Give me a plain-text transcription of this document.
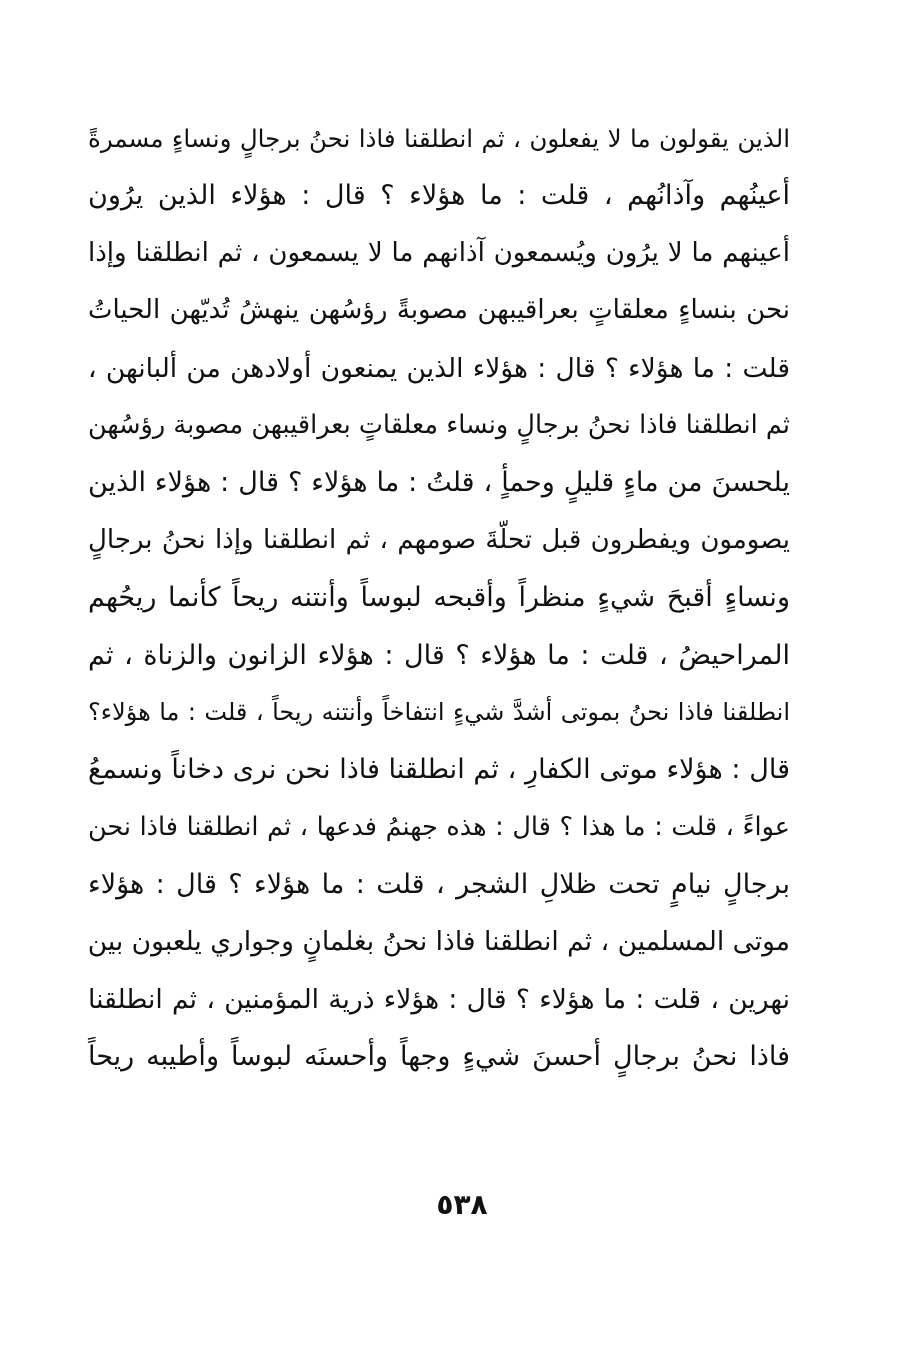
الذين يقولون ما لا يفعلون ، ثم انطلقنا فاذا نحنُ برجالٍ ونساءٍ مسمرةً
أعينُهم وآذانُهم ، قلت : ما هؤلاء ؟ قال : هؤلاء الذين يرُون
أعينهم ما لا يرُون ويُسمعون آذانهم ما لا يسمعون ، ثم انطلقنا وإذا
نحن بنساءٍ معلقاتٍ بعراقيبهن مصوبةً رؤسُهن ينهشُ تُديّهن الحياتُ
قلت : ما هؤلاء ؟ قال : هؤلاء الذين يمنعون أولادهن من ألبانهن ،
ثم انطلقنا فاذا نحنُ برجالٍ ونساء معلقاتٍ بعراقيبهن مصوبة رؤسُهن
يلحسنَ من ماءٍ قليلٍ وحمأٍ ، قلتُ : ما هؤلاء ؟ قال : هؤلاء الذين
يصومون ويفطرون قبل تحلّةَ صومهم ، ثم انطلقنا وإذا نحنُ برجالٍ
ونساءٍ أقبحَ شيءٍ منظراً وأقبحه لبوساً وأنتنه ريحاً كأنما ريحُهم
المراحيضُ ، قلت : ما هؤلاء ؟ قال : هؤلاء الزانون والزناة ، ثم
انطلقنا فاذا نحنُ بموتى أشدَّ شيءٍ انتفاخاً وأنتنه ريحاً ، قلت : ما هؤلاء؟
قال : هؤلاء موتى الكفارِ ، ثم انطلقنا فاذا نحن نرى دخاناً ونسمعُ
عواءً ، قلت : ما هذا ؟ قال : هذه جهنمُ فدعها ، ثم انطلقنا فاذا نحن
برجالٍ نيامٍ تحت ظلالِ الشجر ، قلت : ما هؤلاء ؟ قال : هؤلاء
موتى المسلمين ، ثم انطلقنا فاذا نحنُ بغلمانٍ وجواري يلعبون بين
نهرين ، قلت : ما هؤلاء ؟ قال : هؤلاء ذرية المؤمنين ، ثم انطلقنا
فاذا نحنُ برجالٍ أحسنَ شيءٍ وجهاً وأحسنَه لبوساً وأطيبه ريحاً
٥٣٨
